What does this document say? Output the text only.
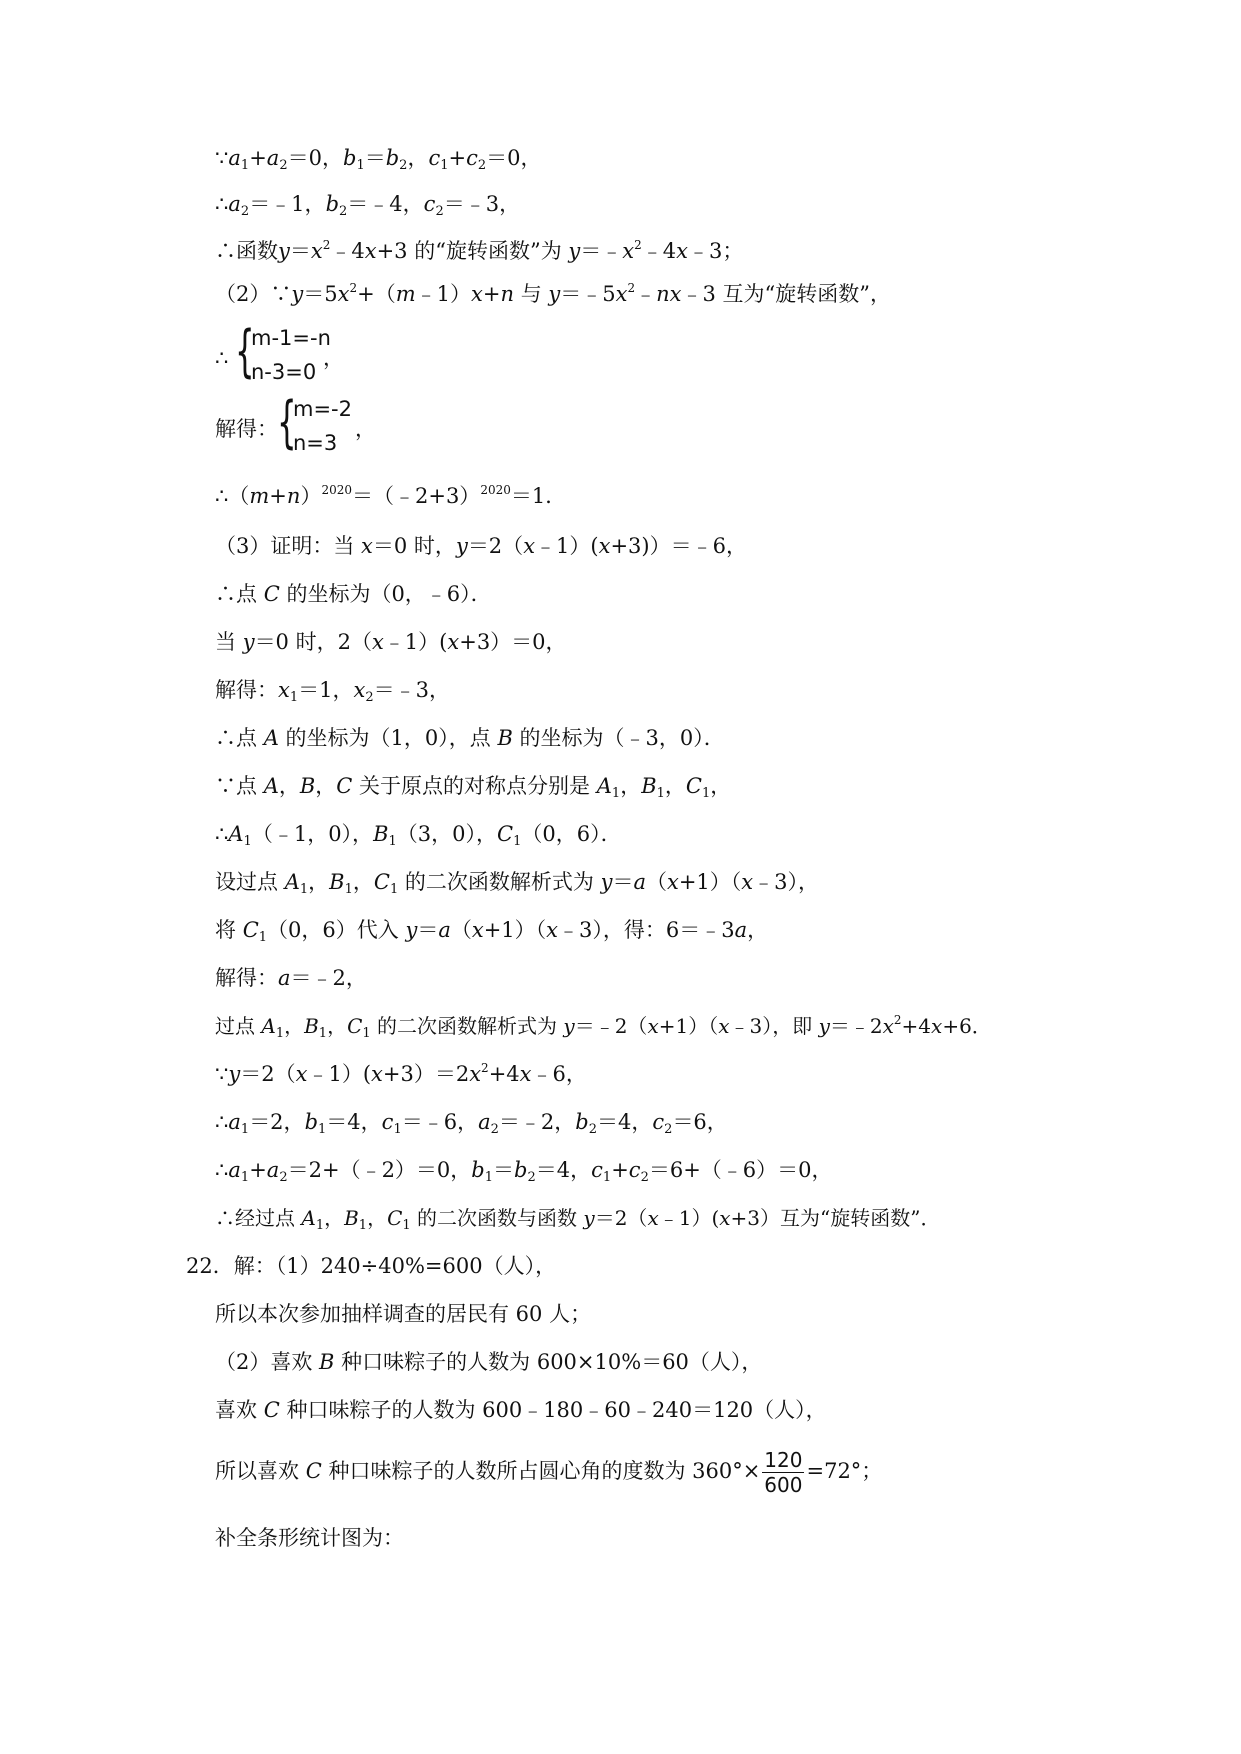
$\because a_1+a_2=0$，$b_1=b_2$，$c_1+c_2=0$，
$\therefore a_2=﹣1$，$b_2=﹣4$，$c_2=﹣3$，
∴函数$y=x^2﹣4x+3$ 的“旋转函数”为 $y=﹣x^2﹣4x﹣3$；
$(2)\because y=5x^2+(m﹣1)x+n$ 与 $y=﹣5x^2﹣nx﹣3$ 互为“旋转函数”，
∴ {
m-1=-n
n-3=0
，
解得： {
m=-2
n=3
，
$\therefore(m+n)^{2020}=(﹣2+3)^{2020}=1$．
（3）证明：当 x＝0 时，y＝2（x﹣1）(x+3)）＝﹣6，
∴点 C 的坐标为（0，﹣6）．
当 y＝0 时，2（x﹣1）(x+3）＝0，
解得：$x_1=1$，$x_2=﹣3$，
∴点 A 的坐标为（1，0），点 B 的坐标为（﹣3，0）．
∵点 A，B，C 关于原点的对称点分别是 $A_1$，$B_1$，$C_1$，
$\therefore A_1(﹣1$，0），$B_1(3$，0），$C_1(0$，6）．
设过点 $A_1$，$B_1$，$C_1$ 的二次函数解析式为 y＝a（x+1）（x﹣3），
将 $C_1(0$，6）代入 y＝a（x+1）（x﹣3），得：6＝﹣3a，
解得：a＝﹣2，
过点 $A_1$，$B_1$，$C_1$ 的二次函数解析式为 y＝﹣2（x+1）（x﹣3），即 $y=﹣2x^2+4x+6$．
$\because y=2(x﹣1)(x+3)=2x^2+4x﹣6$，
$\therefore a_1=2$，$b_1=4$，$c_1=﹣6$，$a_2=﹣2$，$b_2=4$，$c_2=6$，
$\therefore a_1+a_2=2+(﹣2)=0$，$b_1=b_2=4$，$c_1+c_2=6+(﹣6)=0$，
∴经过点 $A_1$，$B_1$，$C_1$ 的二次函数与函数 y＝2（x﹣1）(x+3）互为“旋转函数”．
22．解：（1）240÷40%=600（人），
所以本次参加抽样调查的居民有 60 人；
（2）喜欢 B 种口味粽子的人数为 600×10%＝60（人），
喜欢 C 种口味粽子的人数为 600﹣180﹣60﹣240＝120（人），
所以喜欢 C 种口味粽子的人数所占圆心角的度数为 $360^\circ\times \frac{120}{600} =72^\circ$；
补全条形统计图为：
